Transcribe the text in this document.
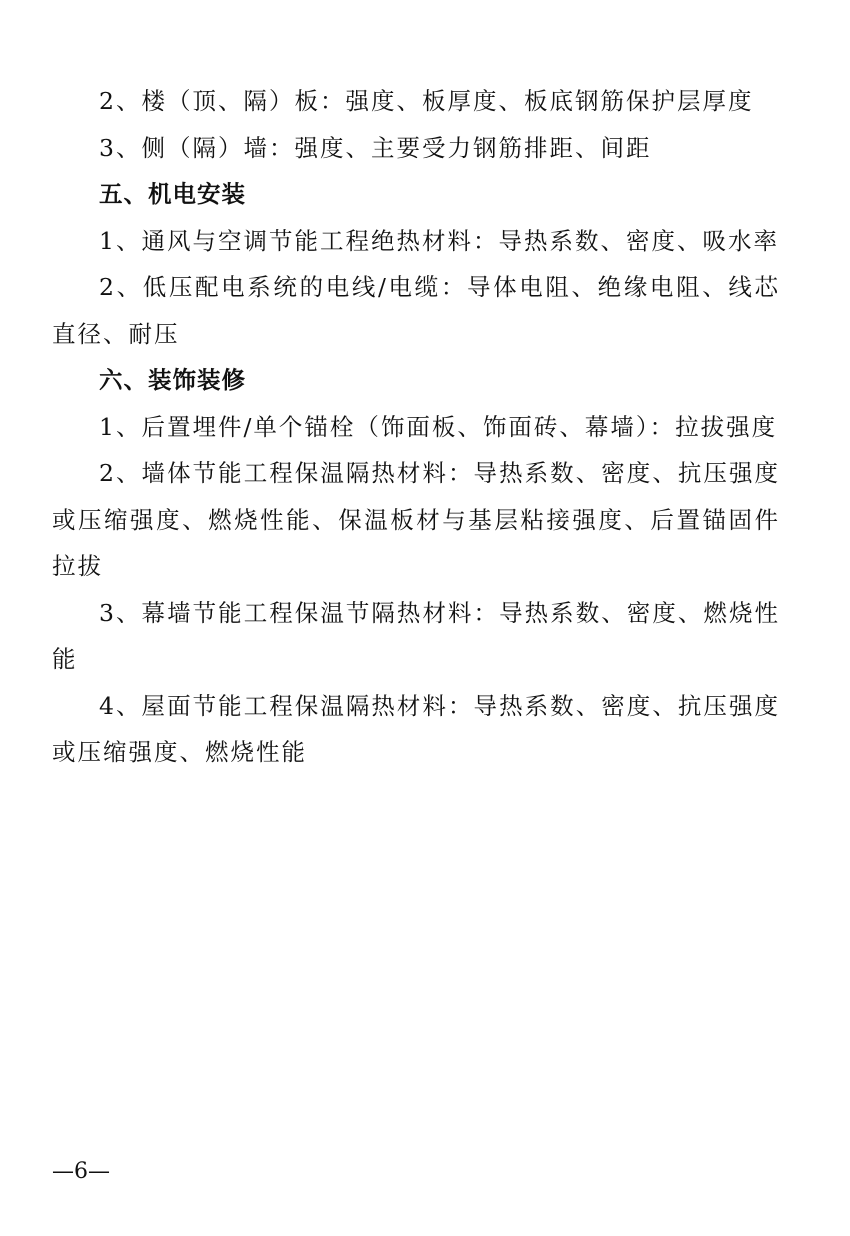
2、楼（顶、隔）板：强度、板厚度、板底钢筋保护层厚度

3、侧（隔）墙：强度、主要受力钢筋排距、间距

五、机电安装

1、通风与空调节能工程绝热材料：导热系数、密度、吸水率

2、低压配电系统的电线/电缆：导体电阻、绝缘电阻、线芯直径、耐压

六、装饰装修

1、后置埋件/单个锚栓（饰面板、饰面砖、幕墙）：拉拔强度

2、墙体节能工程保温隔热材料：导热系数、密度、抗压强度或压缩强度、燃烧性能、保温板材与基层粘接强度、后置锚固件拉拔

3、幕墙节能工程保温节隔热材料：导热系数、密度、燃烧性能

4、屋面节能工程保温隔热材料：导热系数、密度、抗压强度或压缩强度、燃烧性能

—6—
